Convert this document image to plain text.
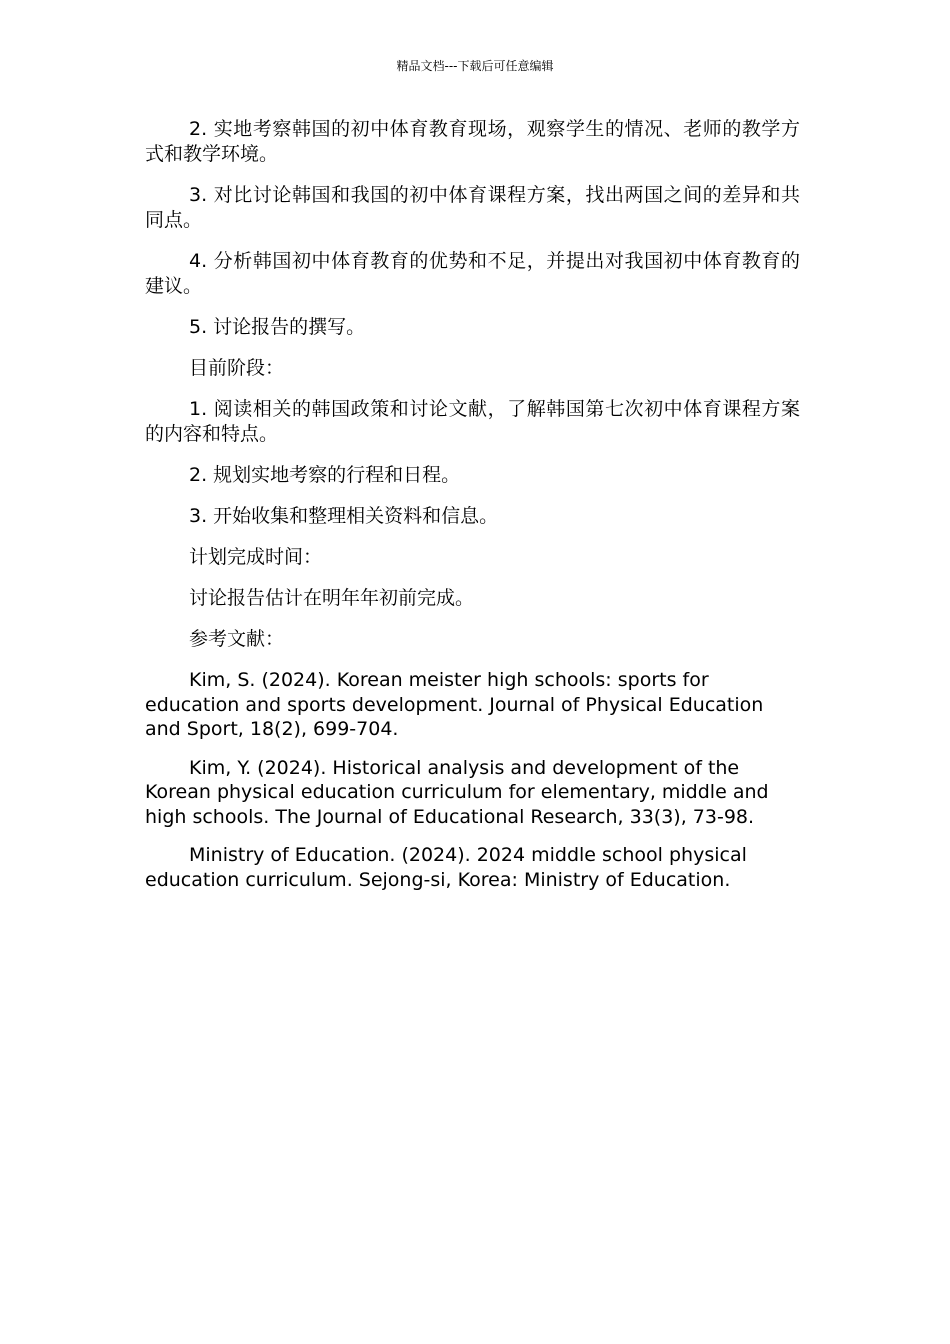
精品文档---下载后可任意编辑

2. 实地考察韩国的初中体育教育现场，观察学生的情况、老师的教学方式和教学环境。

3. 对比讨论韩国和我国的初中体育课程方案，找出两国之间的差异和共同点。

4. 分析韩国初中体育教育的优势和不足，并提出对我国初中体育教育的建议。

5. 讨论报告的撰写。

目前阶段：

1. 阅读相关的韩国政策和讨论文献，了解韩国第七次初中体育课程方案的内容和特点。

2. 规划实地考察的行程和日程。

3. 开始收集和整理相关资料和信息。

计划完成时间：

讨论报告估计在明年年初前完成。

参考文献：

Kim, S. (2024). Korean meister high schools: sports for education and sports development. Journal of Physical Education and Sport, 18(2), 699-704.

Kim, Y. (2024). Historical analysis and development of the Korean physical education curriculum for elementary, middle and high schools. The Journal of Educational Research, 33(3), 73-98.

Ministry of Education. (2024). 2024 middle school physical education curriculum. Sejong-si, Korea: Ministry of Education.
